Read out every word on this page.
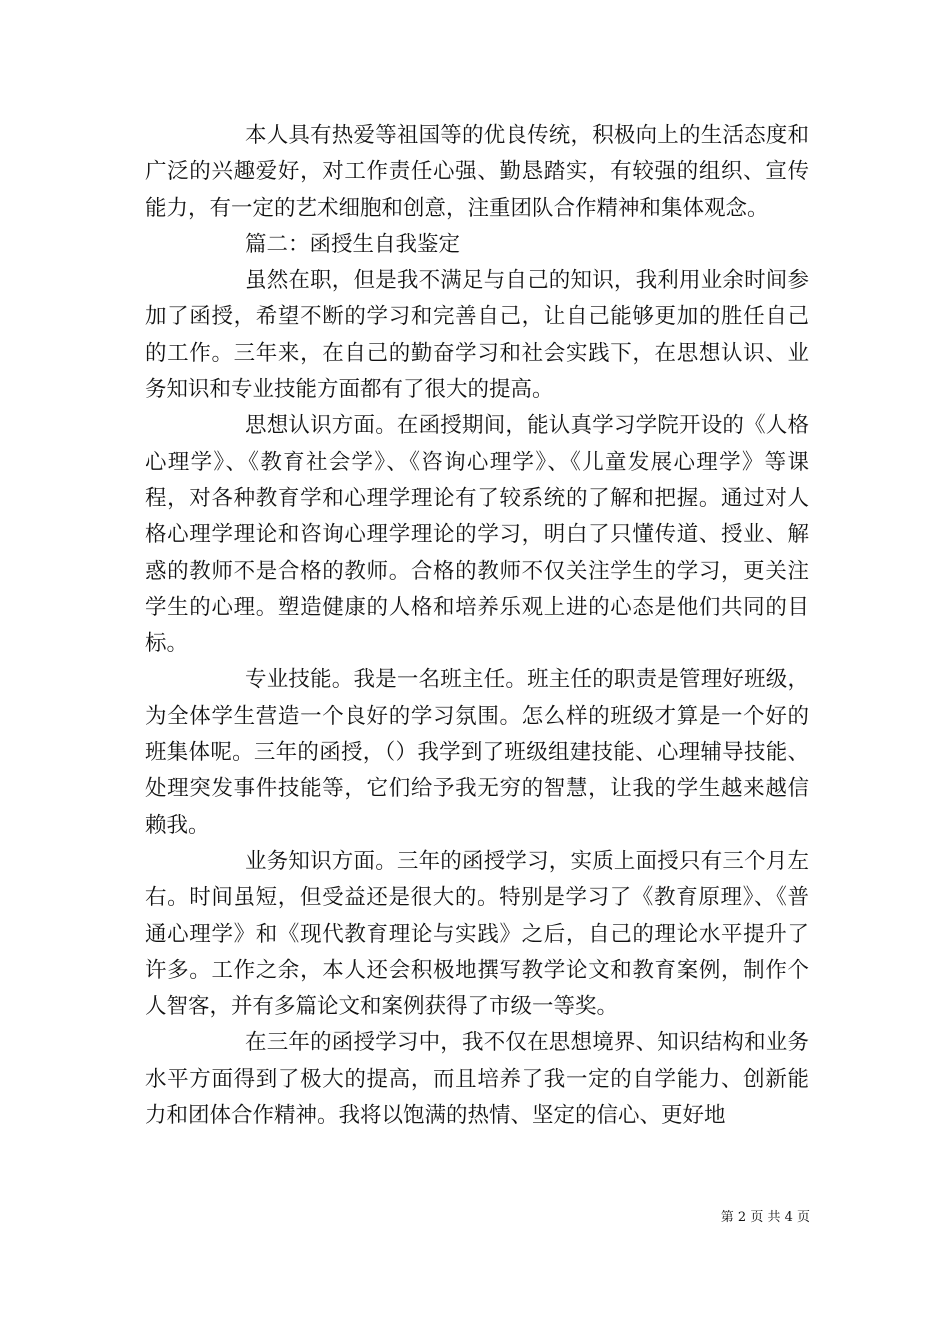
本人具有热爱等祖国等的优良传统，积极向上的生活态度和广泛的兴趣爱好，对工作责任心强、勤恳踏实，有较强的组织、宣传能力，有一定的艺术细胞和创意，注重团队合作精神和集体观念。

篇二：函授生自我鉴定

虽然在职，但是我不满足与自己的知识，我利用业余时间参加了函授，希望不断的学习和完善自己，让自己能够更加的胜任自己的工作。三年来，在自己的勤奋学习和社会实践下，在思想认识、业务知识和专业技能方面都有了很大的提高。

思想认识方面。在函授期间，能认真学习学院开设的《人格心理学》、《教育社会学》、《咨询心理学》、《儿童发展心理学》等课程，对各种教育学和心理学理论有了较系统的了解和把握。通过对人格心理学理论和咨询心理学理论的学习，明白了只懂传道、授业、解惑的教师不是合格的教师。合格的教师不仅关注学生的学习，更关注学生的心理。塑造健康的人格和培养乐观上进的心态是他们共同的目标。

专业技能。我是一名班主任。班主任的职责是管理好班级，为全体学生营造一个良好的学习氛围。怎么样的班级才算是一个好的班集体呢。三年的函授，（）我学到了班级组建技能、心理辅导技能、处理突发事件技能等，它们给予我无穷的智慧，让我的学生越来越信赖我。

业务知识方面。三年的函授学习，实质上面授只有三个月左右。时间虽短，但受益还是很大的。特别是学习了《教育原理》、《普通心理学》和《现代教育理论与实践》之后，自己的理论水平提升了许多。工作之余，本人还会积极地撰写教学论文和教育案例，制作个人智客，并有多篇论文和案例获得了市级一等奖。

在三年的函授学习中，我不仅在思想境界、知识结构和业务水平方面得到了极大的提高，而且培养了我一定的自学能力、创新能力和团体合作精神。我将以饱满的热情、坚定的信心、更好地

第 2 页 共 4 页
